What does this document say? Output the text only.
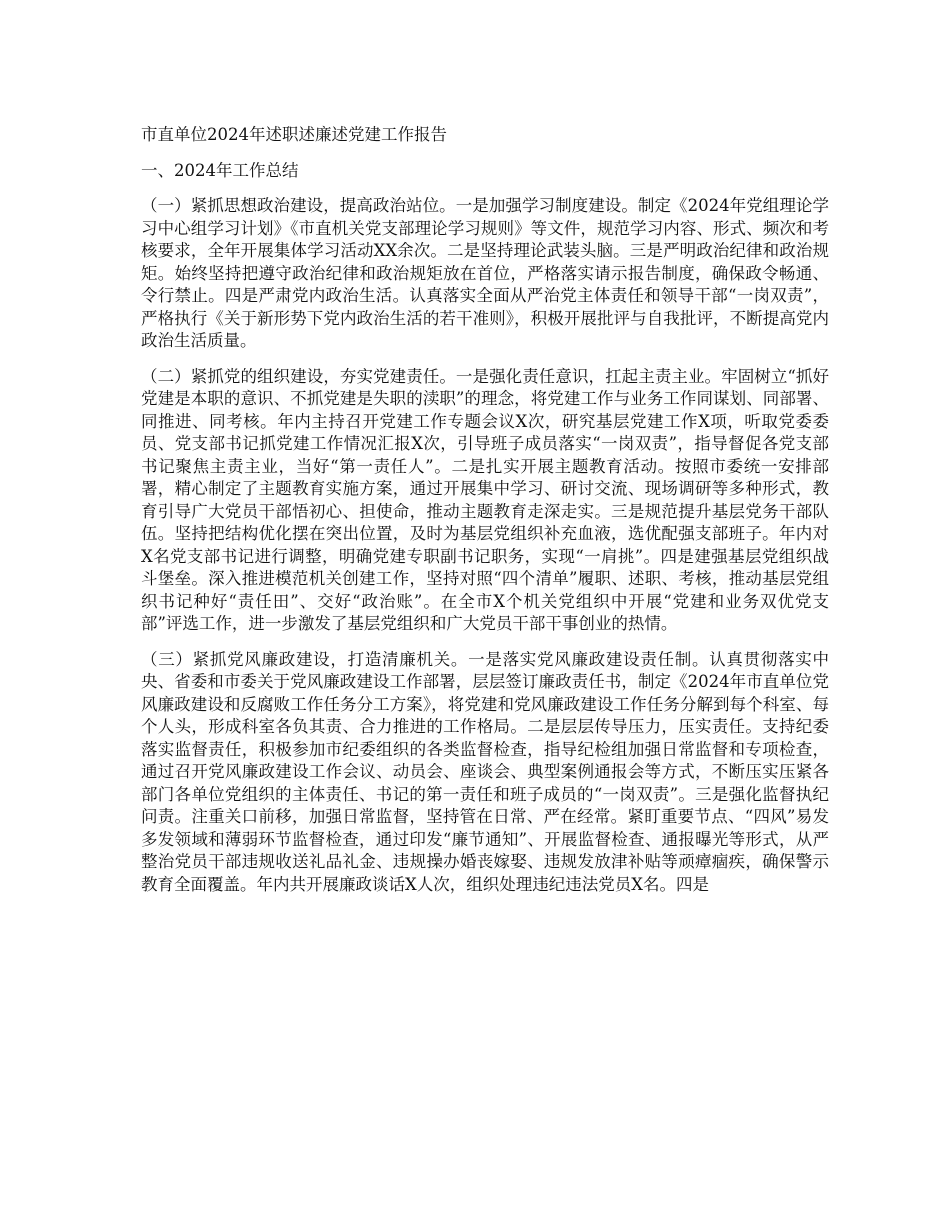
市直单位2024年述职述廉述党建工作报告

一、2024年工作总结

（一）紧抓思想政治建设，提高政治站位。一是加强学习制度建设。制定《2024年党组理论学习中心组学习计划》《市直机关党支部理论学习规则》等文件，规范学习内容、形式、频次和考核要求，全年开展集体学习活动XX余次。二是坚持理论武装头脑。三是严明政治纪律和政治规矩。始终坚持把遵守政治纪律和政治规矩放在首位，严格落实请示报告制度，确保政令畅通、令行禁止。四是严肃党内政治生活。认真落实全面从严治党主体责任和领导干部“一岗双责”，严格执行《关于新形势下党内政治生活的若干准则》，积极开展批评与自我批评，不断提高党内政治生活质量。

（二）紧抓党的组织建设，夯实党建责任。一是强化责任意识，扛起主责主业。牢固树立“抓好党建是本职的意识、不抓党建是失职的渎职”的理念，将党建工作与业务工作同谋划、同部署、同推进、同考核。年内主持召开党建工作专题会议X次，研究基层党建工作X项，听取党委委员、党支部书记抓党建工作情况汇报X次，引导班子成员落实“一岗双责”，指导督促各党支部书记聚焦主责主业，当好“第一责任人”。二是扎实开展主题教育活动。按照市委统一安排部署，精心制定了主题教育实施方案，通过开展集中学习、研讨交流、现场调研等多种形式，教育引导广大党员干部悟初心、担使命，推动主题教育走深走实。三是规范提升基层党务干部队伍。坚持把结构优化摆在突出位置，及时为基层党组织补充血液，选优配强支部班子。年内对X名党支部书记进行调整，明确党建专职副书记职务，实现“一肩挑”。四是建强基层党组织战斗堡垒。深入推进模范机关创建工作，坚持对照“四个清单”履职、述职、考核，推动基层党组织书记种好“责任田”、交好“政治账”。在全市X个机关党组织中开展“党建和业务双优党支部”评选工作，进一步激发了基层党组织和广大党员干部干事创业的热情。

（三）紧抓党风廉政建设，打造清廉机关。一是落实党风廉政建设责任制。认真贯彻落实中央、省委和市委关于党风廉政建设工作部署，层层签订廉政责任书，制定《2024年市直单位党风廉政建设和反腐败工作任务分工方案》，将党建和党风廉政建设工作任务分解到每个科室、每个人头，形成科室各负其责、合力推进的工作格局。二是层层传导压力，压实责任。支持纪委落实监督责任，积极参加市纪委组织的各类监督检查，指导纪检组加强日常监督和专项检查，通过召开党风廉政建设工作会议、动员会、座谈会、典型案例通报会等方式，不断压实压紧各部门各单位党组织的主体责任、书记的第一责任和班子成员的“一岗双责”。三是强化监督执纪问责。注重关口前移，加强日常监督，坚持管在日常、严在经常。紧盯重要节点、“四风”易发多发领域和薄弱环节监督检查，通过印发“廉节通知”、开展监督检查、通报曝光等形式，从严整治党员干部违规收送礼品礼金、违规操办婚丧嫁娶、违规发放津补贴等顽瘴痼疾，确保警示教育全面覆盖。年内共开展廉政谈话X人次，组织处理违纪违法党员X名。四是
